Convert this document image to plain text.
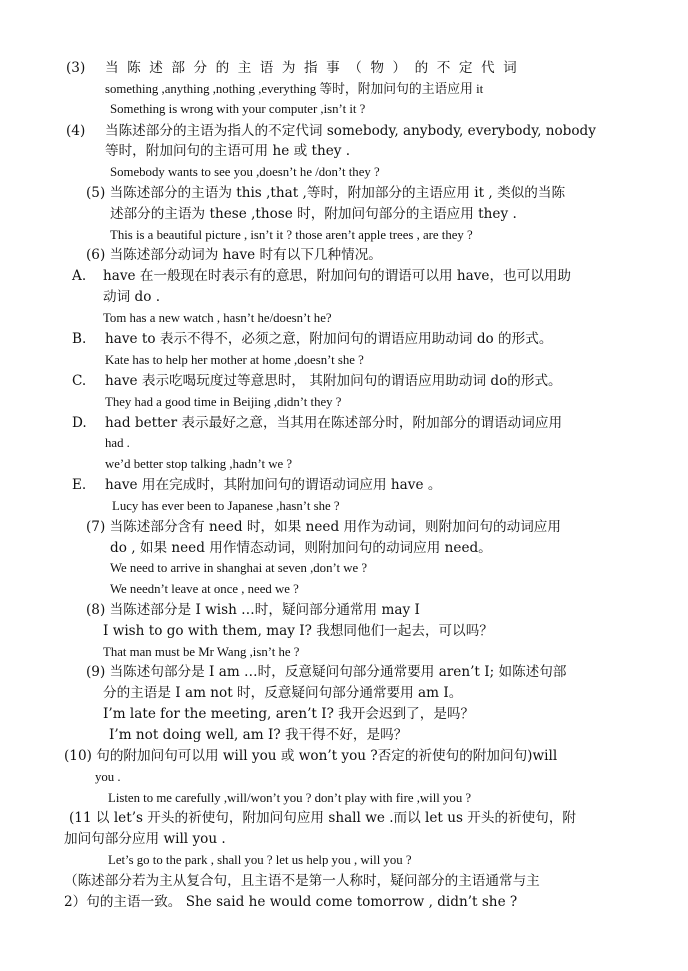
(3) 当 陈 述 部 分 的 主 语 为 指 事 （ 物 ） 的 不 定 代 词
something ,anything ,nothing ,everything 等时，附加问句的主语应用 it
Something is wrong with your computer ,isn’t it ?
(4) 当陈述部分的主语为指人的不定代词 somebody, anybody, everybody, nobody
等时，附加问句的主语可用 he 或 they .
Somebody wants to see you ,doesn’t he /don’t they ?
(5) 当陈述部分的主语为 this ,that ,等时，附加部分的主语应用 it , 类似的当陈
述部分的主语为 these ,those 时，附加问句部分的主语应用 they .
This is a beautiful picture , isn’t it ? those aren’t apple trees , are they ?
(6) 当陈述部分动词为 have 时有以下几种情况。
A. have 在一般现在时表示有的意思，附加问句的谓语可以用 have，也可以用助
动词 do .
Tom has a new watch , hasn’t he/doesn’t he?
B. have to 表示不得不，必须之意，附加问句的谓语应用助动词 do 的形式。
Kate has to help her mother at home ,doesn’t she ?
C. have 表示吃喝玩度过等意思时， 其附加问句的谓语应用助动词 do的形式。
They had a good time in Beijing ,didn’t they ?
D. had better 表示最好之意，当其用在陈述部分时，附加部分的谓语动词应用
had .
we’d better stop talking ,hadn’t we ?
E. have 用在完成时，其附加问句的谓语动词应用 have 。
Lucy has ever been to Japanese ,hasn’t she ?
(7) 当陈述部分含有 need 时，如果 need 用作为动词，则附加问句的动词应用
do , 如果 need 用作情态动词，则附加问句的动词应用 need。
We need to arrive in shanghai at seven ,don’t we ?
We needn’t leave at once , need we ?
(8) 当陈述部分是 I wish …时，疑问部分通常用 may I
I wish to go with them, may I? 我想同他们一起去，可以吗？
That man must be Mr Wang ,isn’t he ?
(9) 当陈述句部分是 I am …时，反意疑问句部分通常要用 aren’t I; 如陈述句部
分的主语是 I am not 时，反意疑问句部分通常要用 am I。
I’m late for the meeting, aren’t I? 我开会迟到了，是吗？
I’m not doing well, am I? 我干得不好，是吗？
(10) 句的附加问句可以用 will you 或 won’t you ?否定的祈使句的附加问句)will
you .
Listen to me carefully ,will/won’t you ? don’t play with fire ,will you ?
(11 以 let’s 开头的祈使句，附加问句应用 shall we .而以 let us 开头的祈使句，附
加问句部分应用 will you .
Let’s go to the park , shall you ? let us help you , will you ?
（陈述部分若为主从复合句，且主语不是第一人称时，疑问部分的主语通常与主
2）句的主语一致。 She said he would come tomorrow , didn’t she ?
